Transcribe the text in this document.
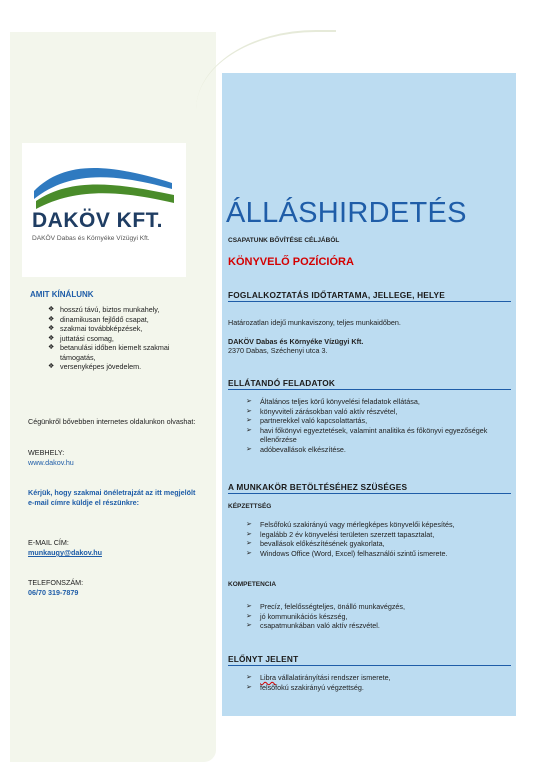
DAKÖV KFT.
DAKÖV Dabas és Környéke Vízügyi Kft.
AMIT KÍNÁLUNK
❖ hosszú távú, biztos munkahely,
❖ dinamikusan fejlődő csapat,
❖ szakmai továbbképzések,
❖ juttatási csomag,
❖ betanulási időben kiemelt szakmai támogatás,
❖ versenyképes jövedelem.
Cégünkről bővebben internetes oldalunkon olvashat:
WEBHELY:
www.dakov.hu
Kérjük, hogy szakmai önéletrajzát az itt megjelölt e-mail címre küldje el részünkre:
E-MAIL CÍM:
munkaugy@dakov.hu
TELEFONSZÁM:
06/70 319-7879
ÁLLÁSHIRDETÉS
CSAPATUNK BŐVÍTÉSE CÉLJÁBÓL
KÖNYVELŐ POZÍCIÓRA
FOGLALKOZTATÁS IDŐTARTAMA, JELLEGE, HELYE
Határozatlan idejű munkaviszony, teljes munkaidőben.
DAKÖV Dabas és Környéke Vízügyi Kft.
2370 Dabas, Széchenyi utca 3.
ELLÁTANDÓ FELADATOK
➢ Általános teljes körű könyvelési feladatok ellátása,
➢ könyvviteli zárásokban való aktív részvétel,
➢ partnerekkel való kapcsolattartás,
➢ havi főkönyvi egyeztetések, valamint analitika és főkönyvi egyezőségek ellenőrzése
➢ adóbevallások elkészítése.
A MUNKAKÖR BETÖLTÉSÉHEZ SZÜSÉGES
KÉPZETTSÉG
➢ Felsőfokú szakirányú vagy mérlegképes könyvelői képesítés,
➢ legalább 2 év könyvelési területen szerzett tapasztalat,
➢ bevallások előkészítésének gyakorlata,
➢ Windows Office (Word, Excel) felhasználói szintű ismerete.
KOMPETENCIA
➢ Precíz, felelősségteljes, önálló munkavégzés,
➢ jó kommunikációs készség,
➢ csapatmunkában való aktív részvétel.
ELŐNYT JELENT
➢ Libra vállalatirányítási rendszer ismerete,
➢ felsőfokú szakirányú végzettség.
